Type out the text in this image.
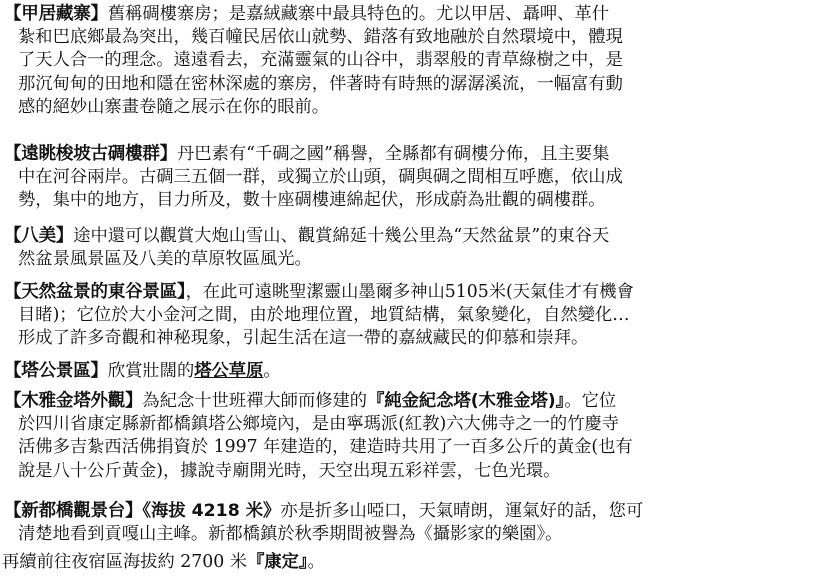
【甲居藏寨】舊稱碉樓寨房；是嘉絨藏寨中最具特色的。尤以甲居、聶呷、革什
紮和巴底鄉最為突出，幾百幢民居依山就勢、錯落有致地融於自然環境中，體現
了天人合一的理念。遠遠看去，充滿靈氣的山谷中，翡翠般的青草綠樹之中，是
那沉甸甸的田地和隱在密林深處的寨房，伴著時有時無的潺潺溪流，一幅富有動
感的絕妙山寨畫卷隨之展示在你的眼前。
【遠眺梭坡古碉樓群】丹巴素有“千碉之國”稱譽，全縣都有碉樓分佈，且主要集
中在河谷兩岸。古碉三五個一群，或獨立於山頭，碉與碉之間相互呼應，依山成
勢，集中的地方，目力所及，數十座碉樓連綿起伏，形成蔚為壯觀的碉樓群。
【八美】途中還可以觀賞大炮山雪山、觀賞綿延十幾公里為“天然盆景”的東谷天
然盆景風景區及八美的草原牧區風光。
【天然盆景的東谷景區】，在此可遠眺聖潔靈山墨爾多神山5105米(天氣佳才有機會
目睹)；它位於大小金河之間，由於地理位置，地質結構，氣象變化，自然變化…
形成了許多奇觀和神秘現象，引起生活在這一帶的嘉絨藏民的仰慕和崇拜。
【塔公景區】欣賞壯闊的塔公草原。
【木雅金塔外觀】為紀念十世班禪大師而修建的『純金紀念塔(木雅金塔)』。它位
於四川省康定縣新都橋鎮塔公鄉境內，是由寧瑪派(紅教)六大佛寺之一的竹慶寺
活佛多吉紮西活佛捐資於 1997 年建造的，建造時共用了一百多公斤的黃金(也有
說是八十公斤黃金)，據說寺廟開光時，天空出現五彩祥雲，七色光環。
【新都橋觀景台】《海拔 4218 米》亦是折多山啞口，天氣晴朗，運氣好的話，您可
清楚地看到貢嘎山主峰。新都橋鎮於秋季期間被譽為《攝影家的樂園》。
再續前往夜宿區海拔約 2700 米『康定』。
